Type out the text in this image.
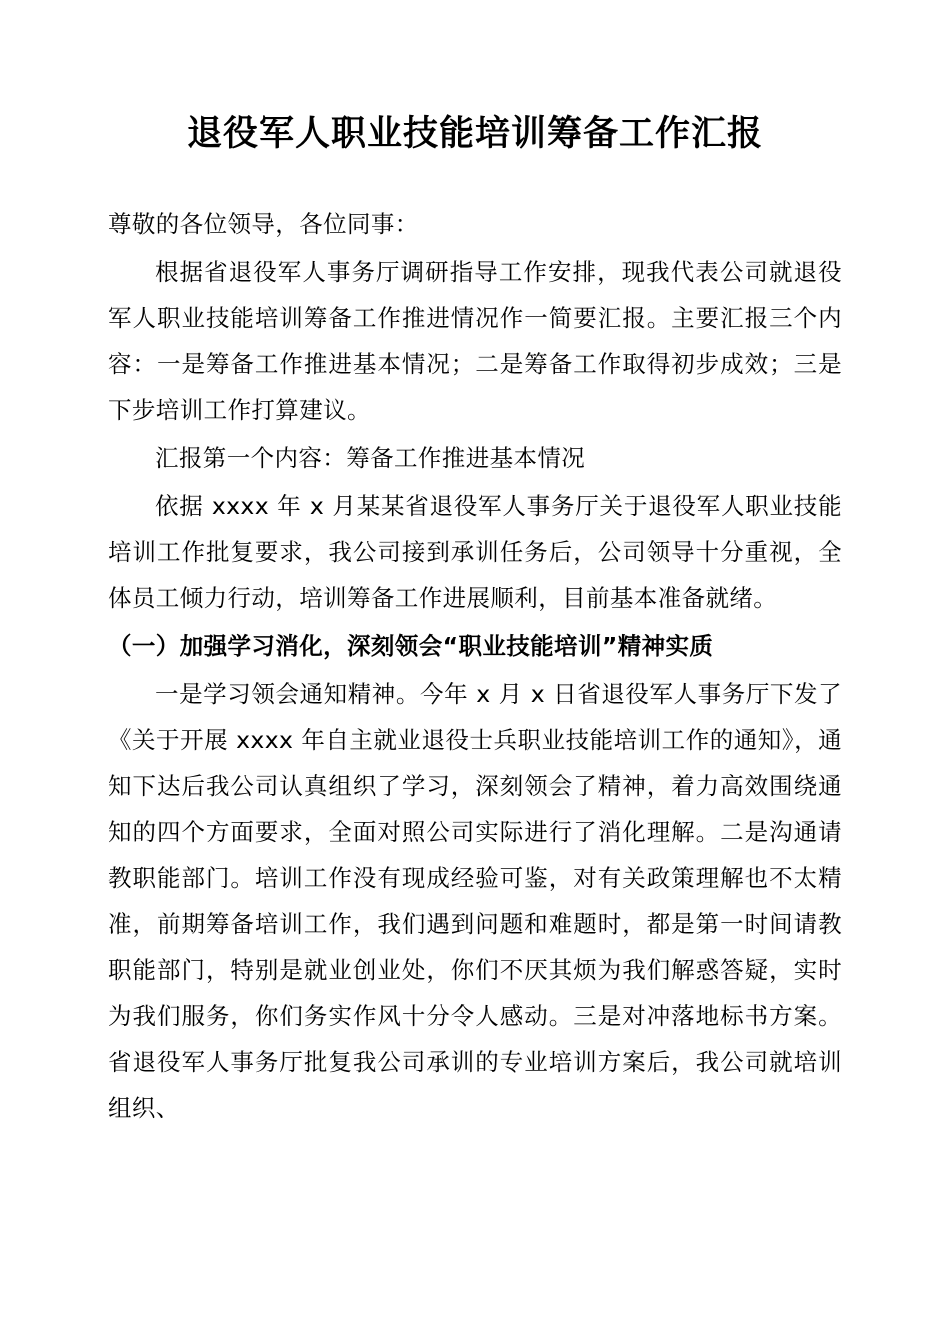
退役军人职业技能培训筹备工作汇报

尊敬的各位领导，各位同事：

根据省退役军人事务厅调研指导工作安排，现我代表公司就退役军人职业技能培训筹备工作推进情况作一简要汇报。主要汇报三个内容：一是筹备工作推进基本情况；二是筹备工作取得初步成效；三是下步培训工作打算建议。

汇报第一个内容：筹备工作推进基本情况

依据 xxxx 年 x 月某某省退役军人事务厅关于退役军人职业技能培训工作批复要求，我公司接到承训任务后，公司领导十分重视，全体员工倾力行动，培训筹备工作进展顺利，目前基本准备就绪。

（一）加强学习消化，深刻领会“职业技能培训”精神实质

一是学习领会通知精神。今年 x 月 x 日省退役军人事务厅下发了《关于开展 xxxx 年自主就业退役士兵职业技能培训工作的通知》，通知下达后我公司认真组织了学习，深刻领会了精神，着力高效围绕通知的四个方面要求，全面对照公司实际进行了消化理解。二是沟通请教职能部门。培训工作没有现成经验可鉴，对有关政策理解也不太精准，前期筹备培训工作，我们遇到问题和难题时，都是第一时间请教职能部门，特别是就业创业处，你们不厌其烦为我们解惑答疑，实时为我们服务，你们务实作风十分令人感动。三是对冲落地标书方案。省退役军人事务厅批复我公司承训的专业培训方案后，我公司就培训组织、
